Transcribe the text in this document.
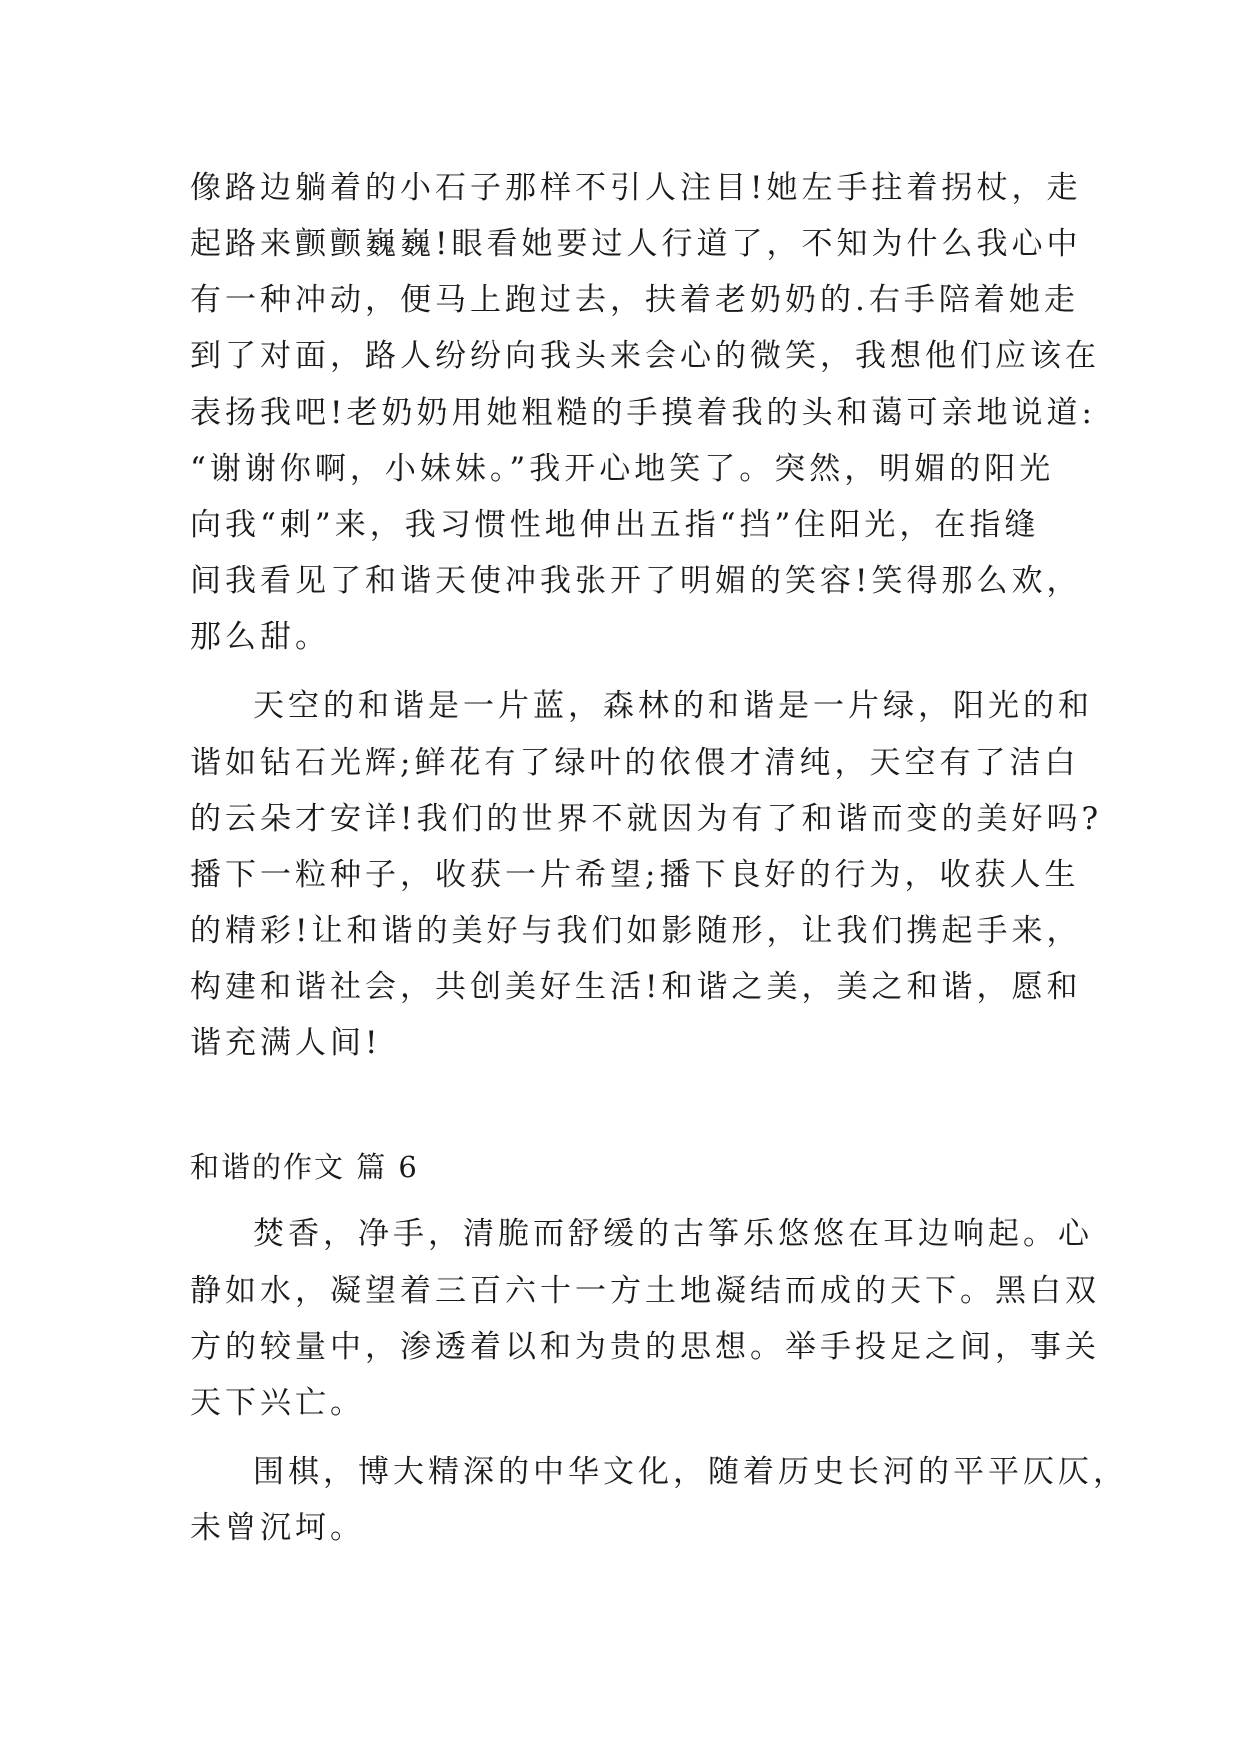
像路边躺着的小石子那样不引人注目!她左手拄着拐杖，走
起路来颤颤巍巍!眼看她要过人行道了，不知为什么我心中
有一种冲动，便马上跑过去，扶着老奶奶的.右手陪着她走
到了对面，路人纷纷向我头来会心的微笑，我想他们应该在
表扬我吧!老奶奶用她粗糙的手摸着我的头和蔼可亲地说道:
“谢谢你啊，小妹妹。”我开心地笑了。突然，明媚的阳光
向我“刺”来，我习惯性地伸出五指“挡”住阳光，在指缝
间我看见了和谐天使冲我张开了明媚的笑容!笑得那么欢，
那么甜。
天空的和谐是一片蓝，森林的和谐是一片绿，阳光的和
谐如钻石光辉;鲜花有了绿叶的依偎才清纯，天空有了洁白
的云朵才安详!我们的世界不就因为有了和谐而变的美好吗?
播下一粒种子，收获一片希望;播下良好的行为，收获人生
的精彩!让和谐的美好与我们如影随形，让我们携起手来，
构建和谐社会，共创美好生活!和谐之美，美之和谐，愿和
谐充满人间!
和谐的作文 篇 6
焚香，净手，清脆而舒缓的古筝乐悠悠在耳边响起。心
静如水，凝望着三百六十一方土地凝结而成的天下。黑白双
方的较量中，渗透着以和为贵的思想。举手投足之间，事关
天下兴亡。
围棋，博大精深的中华文化，随着历史长河的平平仄仄，
未曾沉坷。
